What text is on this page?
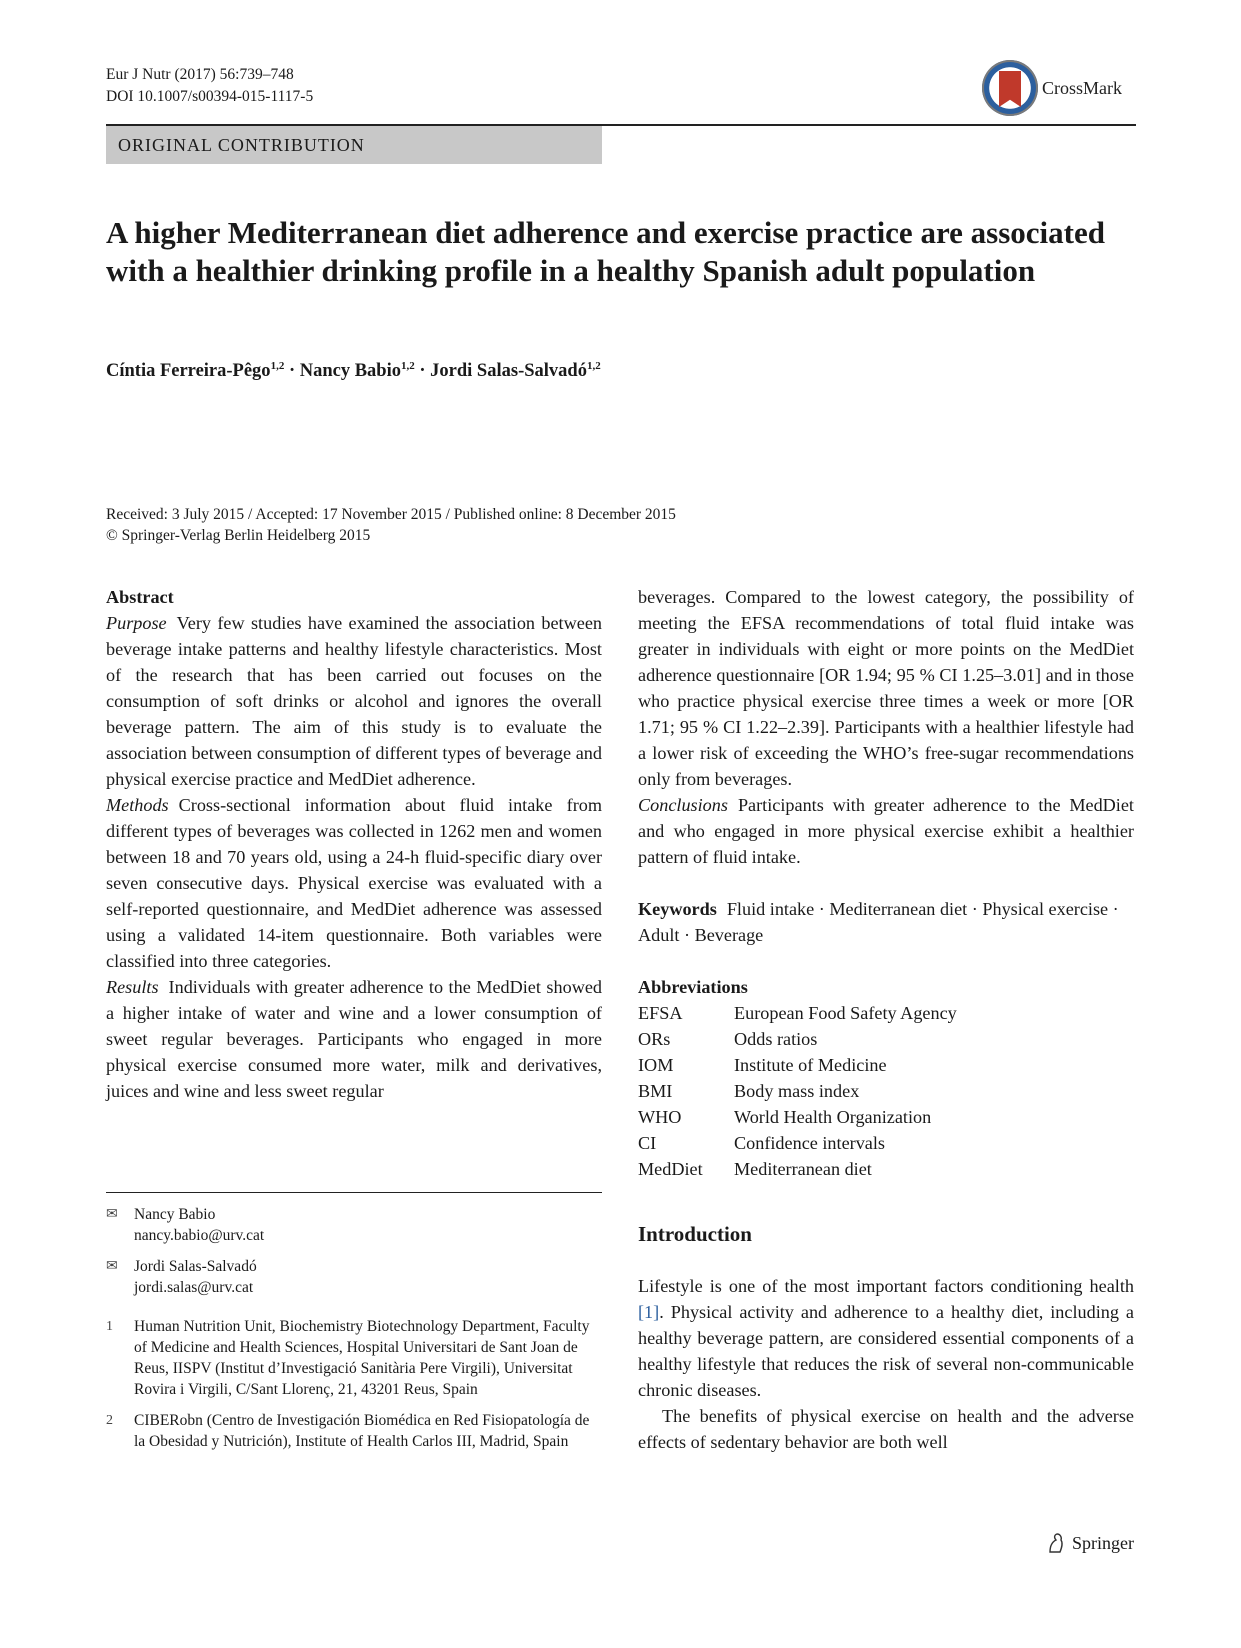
Eur J Nutr (2017) 56:739–748
DOI 10.1007/s00394-015-1117-5	CrossMark
ORIGINAL CONTRIBUTION
A higher Mediterranean diet adherence and exercise practice are associated with a healthier drinking profile in a healthy Spanish adult population
Cíntia Ferreira-Pêgo$^{1,2}$ · Nancy Babio$^{1,2}$ · Jordi Salas-Salvadó$^{1,2}$
Received: 3 July 2015 / Accepted: 17 November 2015 / Published online: 8 December 2015
© Springer-Verlag Berlin Heidelberg 2015
Abstract

Purpose Very few studies have examined the association between beverage intake patterns and healthy lifestyle characteristics. Most of the research that has been carried out focuses on the consumption of soft drinks or alcohol and ignores the overall beverage pattern. The aim of this study is to evaluate the association between consumption of different types of beverage and physical exercise practice and MedDiet adherence.

Methods Cross-sectional information about fluid intake from different types of beverages was collected in 1262 men and women between 18 and 70 years old, using a 24-h fluid-specific diary over seven consecutive days. Physical exercise was evaluated with a self-reported questionnaire, and MedDiet adherence was assessed using a validated 14-item questionnaire. Both variables were classified into three categories.

Results Individuals with greater adherence to the MedDiet showed a higher intake of water and wine and a lower consumption of sweet regular beverages. Participants who engaged in more physical exercise consumed more water, milk and derivatives, juices and wine and less sweet regular

✉	Nancy Babio
nancy.babio@urv.cat
✉	Jordi Salas-Salvadó
jordi.salas@urv.cat
1	Human Nutrition Unit, Biochemistry Biotechnology Department, Faculty of Medicine and Health Sciences, Hospital Universitari de Sant Joan de Reus, IISPV (Institut d’Investigació Sanitària Pere Virgili), Universitat Rovira i Virgili, C/Sant Llorenç, 21, 43201 Reus, Spain
2	CIBERobn (Centro de Investigación Biomédica en Red Fisiopatología de la Obesidad y Nutrición), Institute of Health Carlos III, Madrid, Spain

beverages. Compared to the lowest category, the possibility of meeting the EFSA recommendations of total fluid intake was greater in individuals with eight or more points on the MedDiet adherence questionnaire [OR 1.94; 95 % CI 1.25–3.01] and in those who practice physical exercise three times a week or more [OR 1.71; 95 % CI 1.22–2.39]. Participants with a healthier lifestyle had a lower risk of exceeding the WHO’s free-sugar recommendations only from beverages.

Conclusions Participants with greater adherence to the MedDiet and who engaged in more physical exercise exhibit a healthier pattern of fluid intake.

Keywords Fluid intake · Mediterranean diet · Physical exercise · Adult · Beverage
Abbreviations
EFSA	European Food Safety Agency
ORs	Odds ratios
IOM	Institute of Medicine
BMI	Body mass index
WHO	World Health Organization
CI	Confidence intervals
MedDiet	Mediterranean diet
Introduction

Lifestyle is one of the most important factors conditioning health [1]. Physical activity and adherence to a healthy diet, including a healthy beverage pattern, are considered essential components of a healthy lifestyle that reduces the risk of several non-communicable chronic diseases.

The benefits of physical exercise on health and the adverse effects of sedentary behavior are both well

Springer
